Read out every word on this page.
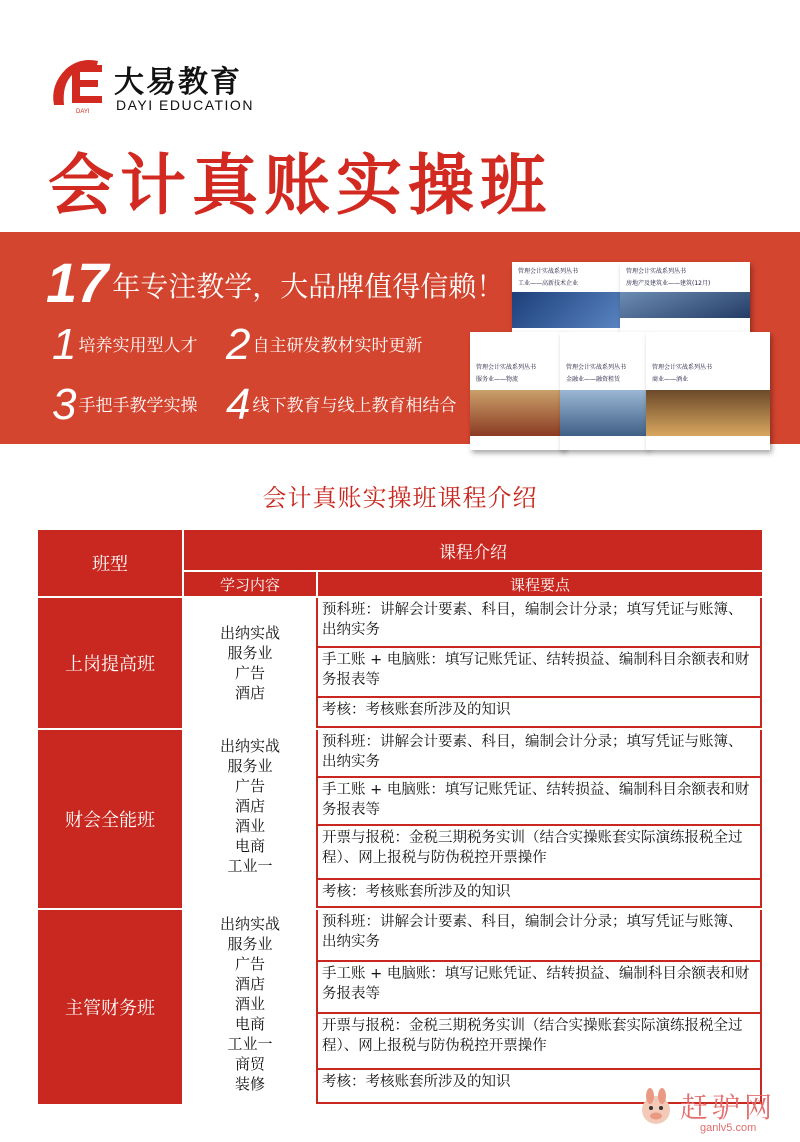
DAYI
大易教育
DAYI EDUCATION
会计真账实操班
17 年专注教学，大品牌值得信赖！
1 培养实用型人才 2 自主研发教材实时更新
3 手把手教学实操 4 线下教育与线上教育相结合
管理会计实战系列丛书
工业——高新技术企业
管理会计实战系列丛书
房地产及建筑业——建筑(12月)
管理会计实战系列丛书
服务业——物流
管理会计实战系列丛书
金融业——融资租赁
管理会计实战系列丛书
商业——酒业
会计真账实操班课程介绍
班型
课程介绍
学习内容	课程要点
上岗提高班
出纳实战
服务业
广告
酒店
预科班：讲解会计要素、科目，编制会计分录；填写凭证与账簿、出纳实务
手工账 + 电脑账：填写记账凭证、结转损益、编制科目余额表和财务报表等
考核：考核账套所涉及的知识
财会全能班
出纳实战
服务业
广告
酒店
酒业
电商
工业一
预科班：讲解会计要素、科目，编制会计分录；填写凭证与账簿、出纳实务
手工账 + 电脑账：填写记账凭证、结转损益、编制科目余额表和财务报表等
开票与报税：金税三期税务实训（结合实操账套实际演练报税全过程）、网上报税与防伪税控开票操作
考核：考核账套所涉及的知识
主管财务班
出纳实战
服务业
广告
酒店
酒业
电商
工业一
商贸
装修
预科班：讲解会计要素、科目，编制会计分录；填写凭证与账簿、出纳实务
手工账 + 电脑账：填写记账凭证、结转损益、编制科目余额表和财务报表等
开票与报税：金税三期税务实训（结合实操账套实际演练报税全过程）、网上报税与防伪税控开票操作
考核：考核账套所涉及的知识
赶驴网
ganlv5.com
